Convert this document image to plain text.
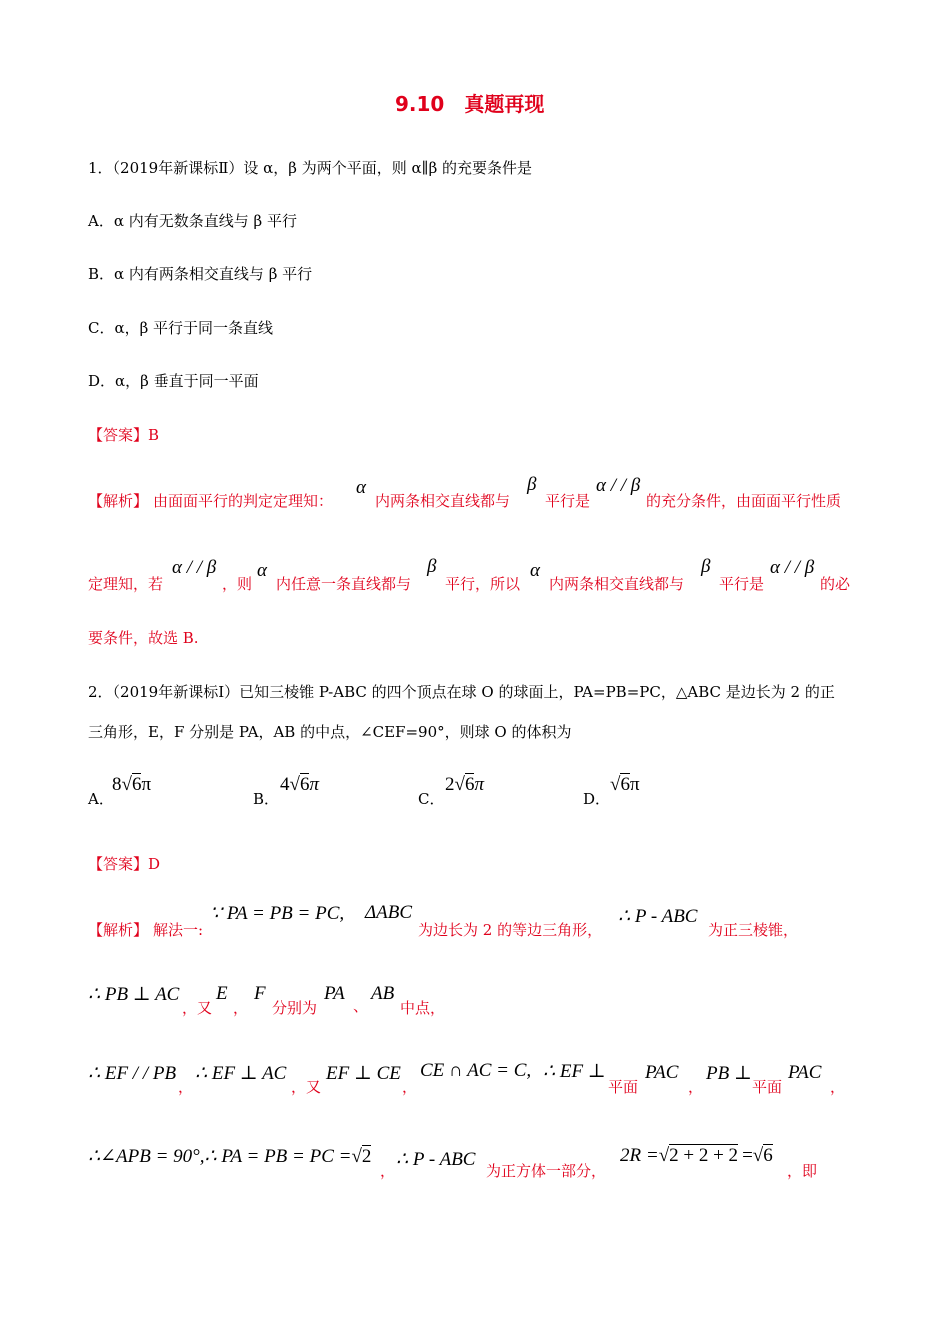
9.10　真题再现
1．（2019年新课标Ⅱ）设 α，β 为两个平面，则 α∥β 的充要条件是
A．α 内有无数条直线与 β 平行
B．α 内有两条相交直线与 β 平行
C．α，β 平行于同一条直线
D．α，β 垂直于同一平面
【答案】B
【解析】 由面面平行的判定定理知：
α
内两条相交直线都与
β
平行是
α / / β
的充分条件，由面面平行性质
定理知，若
α / / β
，则
α
内任意一条直线都与
β
平行，所以
α
内两条相交直线都与
β
平行是
α / / β
的必
要条件，故选 B.
2．（2019年新课标Ⅰ）已知三棱锥 P-ABC 的四个顶点在球 O 的球面上，PA=PB=PC，△ABC 是边长为 2 的正
三角形，E，F 分别是 PA，AB 的中点，∠CEF=90°，则球 O 的体积为
A．
8√6π
B．
4√6π
C．
2√6π
D．
√6π
【答案】D
【解析】 解法一:
∵ PA = PB = PC, ΔABC
为边长为 2 的等边三角形，
∴ P - ABC
为正三棱锥，
∴ PB ⊥ AC
，又
E
，
F
分别为
PA
、
AB
中点，
∴ EF / / PB
，
∴ EF ⊥ AC
，又
EF ⊥ CE
，
CE ∩ AC = C, ∴ EF ⊥
平面
PAC
，
PB ⊥
平面
PAC
，
∴∠APB = 90°,∴ PA = PB = PC =√2
，
∴ P - ABC
为正方体一部分，
2R =√2 + 2 + 2 =√6
，即
